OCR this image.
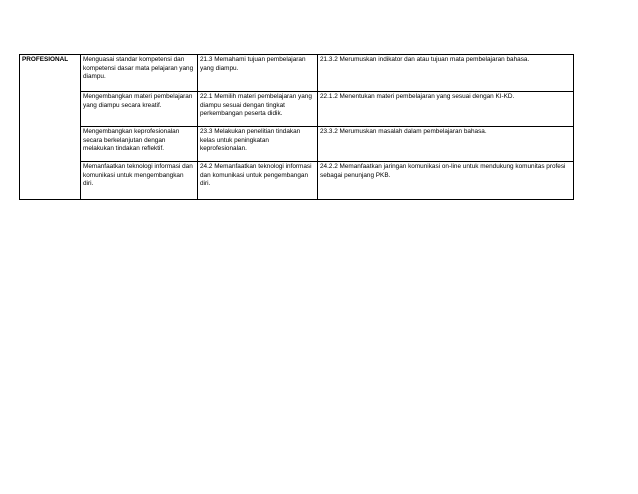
PROFESIONAL	Menguasai standar kompetensi dan kompetensi dasar mata pelajaran yang diampu.	21.3 Memahami tujuan pembelajaran yang diampu.	21.3.2 Merumuskan indikator dan atau tujuan mata pembelajaran bahasa.
	Mengembangkan materi pembelajaran yang diampu secara kreatif.	22.1 Memilih materi pembelajaran yang diampu sesuai dengan tingkat perkembangan peserta didik.	22.1.2 Menentukan materi pembelajaran yang sesuai dengan KI-KD.
	Mengembangkan keprofesionalan secara berkelanjutan dengan melakukan tindakan reflektif.	23.3 Melakukan penelitian tindakan kelas untuk peningkatan keprofesionalan.	23.3.2 Merumuskan masalah dalam pembelajaran bahasa.
	Memanfaatkan teknologi informasi dan komunikasi untuk mengembangkan diri.	24.2 Memanfaatkan teknologi informasi dan komunikasi untuk pengembangan diri.	24.2.2 Memanfaatkan jaringan komunikasi on-line untuk mendukung komunitas profesi sebagai penunjang PKB.
